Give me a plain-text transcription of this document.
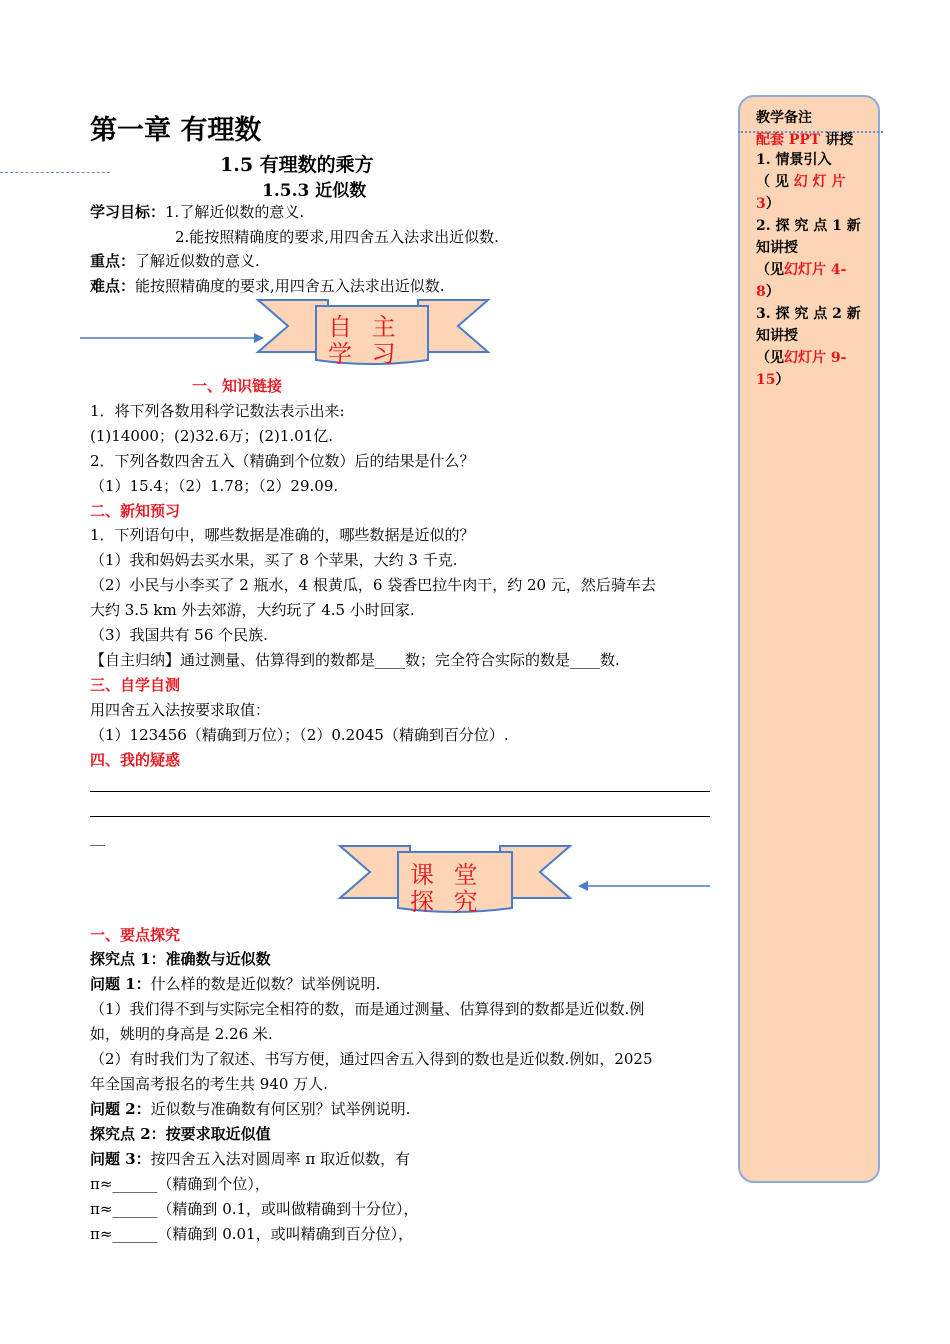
教学备注
配套 PPT 讲授
1. 情景引入
（ 见 幻 灯 片
3）
2. 探 究 点 1 新
知讲授
（见幻灯片 4-
8）
3. 探 究 点 2 新
知讲授
（见幻灯片 9-
15）
第一章 有理数
1.5 有理数的乘方
1.5.3 近似数
学习目标：1.了解近似数的意义.
2.能按照精确度的要求,用四舍五入法求出近似数.
重点：了解近似数的意义.
难点：能按照精确度的要求,用四舍五入法求出近似数.
自 主 学 习
一、知识链接
1．将下列各数用科学记数法表示出来:
(1)14000；(2)32.6万；(2)1.01亿.
2．下列各数四舍五入（精确到个位数）后的结果是什么？
（1）15.4；（2）1.78；（2）29.09.
二、新知预习
1．下列语句中，哪些数据是准确的，哪些数据是近似的？
（1）我和妈妈去买水果，买了 8 个苹果，大约 3 千克.
（2）小民与小李买了 2 瓶水，4 根黄瓜，6 袋香巴拉牛肉干，约 20 元，然后骑车去
大约 3.5 km 外去郊游，大约玩了 4.5 小时回家.
（3）我国共有 56 个民族.
【自主归纳】通过测量、估算得到的数都是____数；完全符合实际的数是____数.
三、自学自测
用四舍五入法按要求取值：
（1）123456（精确到万位）；（2）0.2045（精确到百分位）.
四、我的疑惑
__
课 堂 探 究
一、要点探究
探究点 1：准确数与近似数
问题 1：什么样的数是近似数？试举例说明.
（1）我们得不到与实际完全相符的数，而是通过测量、估算得到的数都是近似数.例
如，姚明的身高是 2.26 米.
（2）有时我们为了叙述、书写方便，通过四舍五入得到的数也是近似数.例如，2025
年全国高考报名的考生共 940 万人.
问题 2：近似数与准确数有何区别？试举例说明.
探究点 2：按要求取近似值
问题 3：按四舍五入法对圆周率 π 取近似数，有
π≈______（精确到个位），
π≈______（精确到 0.1，或叫做精确到十分位），
π≈______（精确到 0.01，或叫精确到百分位），
